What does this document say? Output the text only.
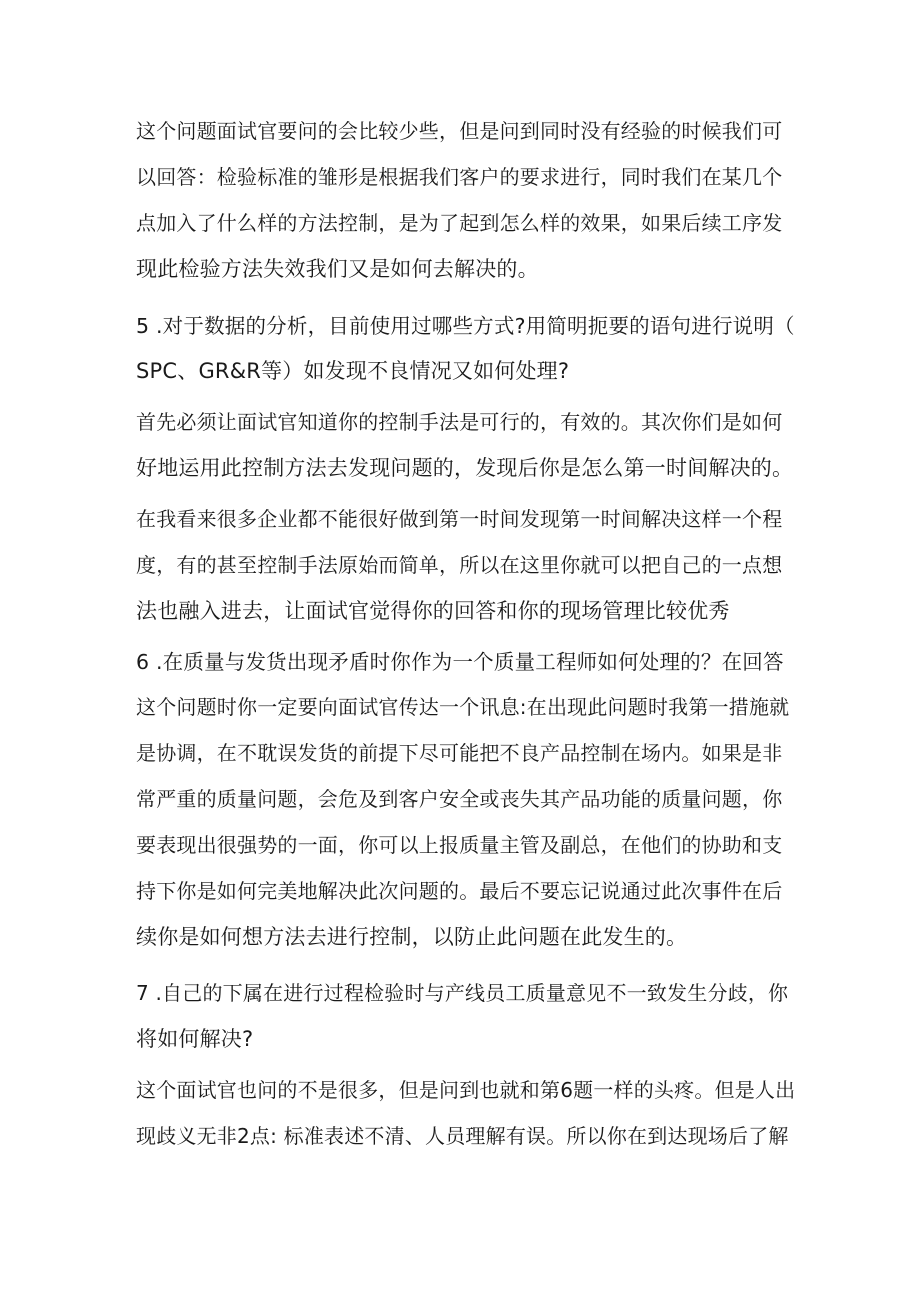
这个问题面试官要问的会比较少些，但是问到同时没有经验的时候我们可
以回答：检验标准的雏形是根据我们客户的要求进行，同时我们在某几个
点加入了什么样的方法控制，是为了起到怎么样的效果，如果后续工序发
现此检验方法失效我们又是如何去解决的。
5 .对于数据的分析，目前使用过哪些方式?用简明扼要的语句进行说明（
SPC、GR&R等）如发现不良情况又如何处理?
首先必须让面试官知道你的控制手法是可行的，有效的。其次你们是如何
好地运用此控制方法去发现问题的，发现后你是怎么第一时间解决的。
在我看来很多企业都不能很好做到第一时间发现第一时间解决这样一个程
度，有的甚至控制手法原始而简单，所以在这里你就可以把自己的一点想
法也融入进去，让面试官觉得你的回答和你的现场管理比较优秀
6 .在质量与发货出现矛盾时你作为一个质量工程师如何处理的？在回答
这个问题时你一定要向面试官传达一个讯息:在出现此问题时我第一措施就
是协调，在不耽误发货的前提下尽可能把不良产品控制在场内。如果是非
常严重的质量问题，会危及到客户安全或丧失其产品功能的质量问题，你
要表现出很强势的一面，你可以上报质量主管及副总，在他们的协助和支
持下你是如何完美地解决此次问题的。最后不要忘记说通过此次事件在后
续你是如何想方法去进行控制，以防止此问题在此发生的。
7 .自己的下属在进行过程检验时与产线员工质量意见不一致发生分歧，你
将如何解决?
这个面试官也问的不是很多，但是问到也就和第6题一样的头疼。但是人出
现歧义无非2点: 标准表述不清、人员理解有误。所以你在到达现场后了解
